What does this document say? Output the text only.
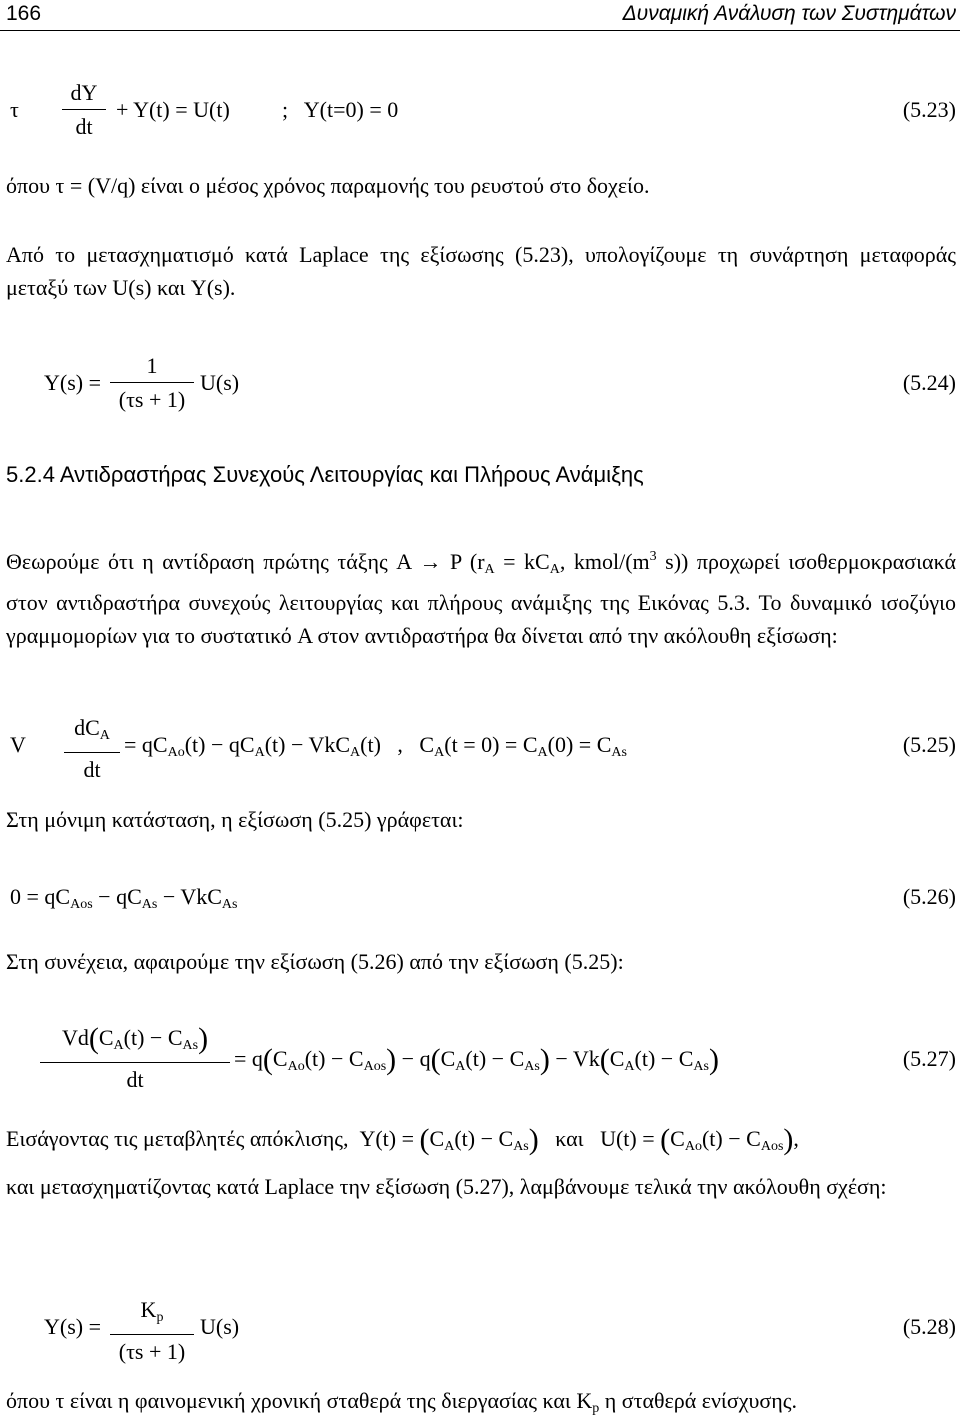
166	Δυναμική Ανάλυση των Συστημάτων
τ
dY
dt
+ Y(t) = U(t) ;   Y(t=0) = 0	(5.23)
όπου τ = (V/q) είναι ο μέσος χρόνος παραμονής του ρευστού στο δοχείο.
Από το μετασχηματισμό κατά Laplace της εξίσωσης (5.23), υπολογίζουμε τη συνάρτηση μεταφοράς μεταξύ των U(s) και Y(s).
Y(s) =
1
(τs + 1)
U(s)	(5.24)
5.2.4 Αντιδραστήρας Συνεχούς Λειτουργίας και Πλήρους Ανάμιξης
Θεωρούμε ότι η αντίδραση πρώτης τάξης A → P ($r_A = kC_A$, kmol/($m^3$ s)) προχωρεί ισοθερμοκρασιακά στον αντιδραστήρα συνεχούς λειτουργίας και πλήρους ανάμιξης της Εικόνας 5.3. Το δυναμικό ισοζύγιο γραμμομορίων για το συστατικό A στον αντιδραστήρα θα δίνεται από την ακόλουθη εξίσωση:
V
$dC_A$
dt
= $qC_{Ao}(t) - qC_A(t) - VkC_A(t)$   ,   $C_A(t = 0) = C_A(0) = C_{As}$	(5.25)
Στη μόνιμη κατάσταση, η εξίσωση (5.25) γράφεται:
$0 = qC_{Aos} - qC_{As} - VkC_{As}$	(5.26)
Στη συνέχεια, αφαιρούμε την εξίσωση (5.26) από την εξίσωση (5.25):
$Vd(C_A(t) - C_{As})$
dt
= $q(C_{Ao}(t) - C_{Aos}) - q(C_A(t) - C_{As}) - Vk(C_A(t) - C_{As})$	(5.27)
Εισάγοντας τις μεταβλητές απόκλισης, $Y(t) = (C_A(t) - C_{As})$ και $U(t) = (C_{Ao}(t) - C_{Aos})$,
και μετασχηματίζοντας κατά Laplace την εξίσωση (5.27), λαμβάνουμε τελικά την ακόλουθη σχέση:
Y(s) =
$K_p$
(τs + 1)
U(s)	(5.28)
όπου τ είναι η φαινομενική χρονική σταθερά της διεργασίας και $K_p$ η σταθερά ενίσχυσης.
